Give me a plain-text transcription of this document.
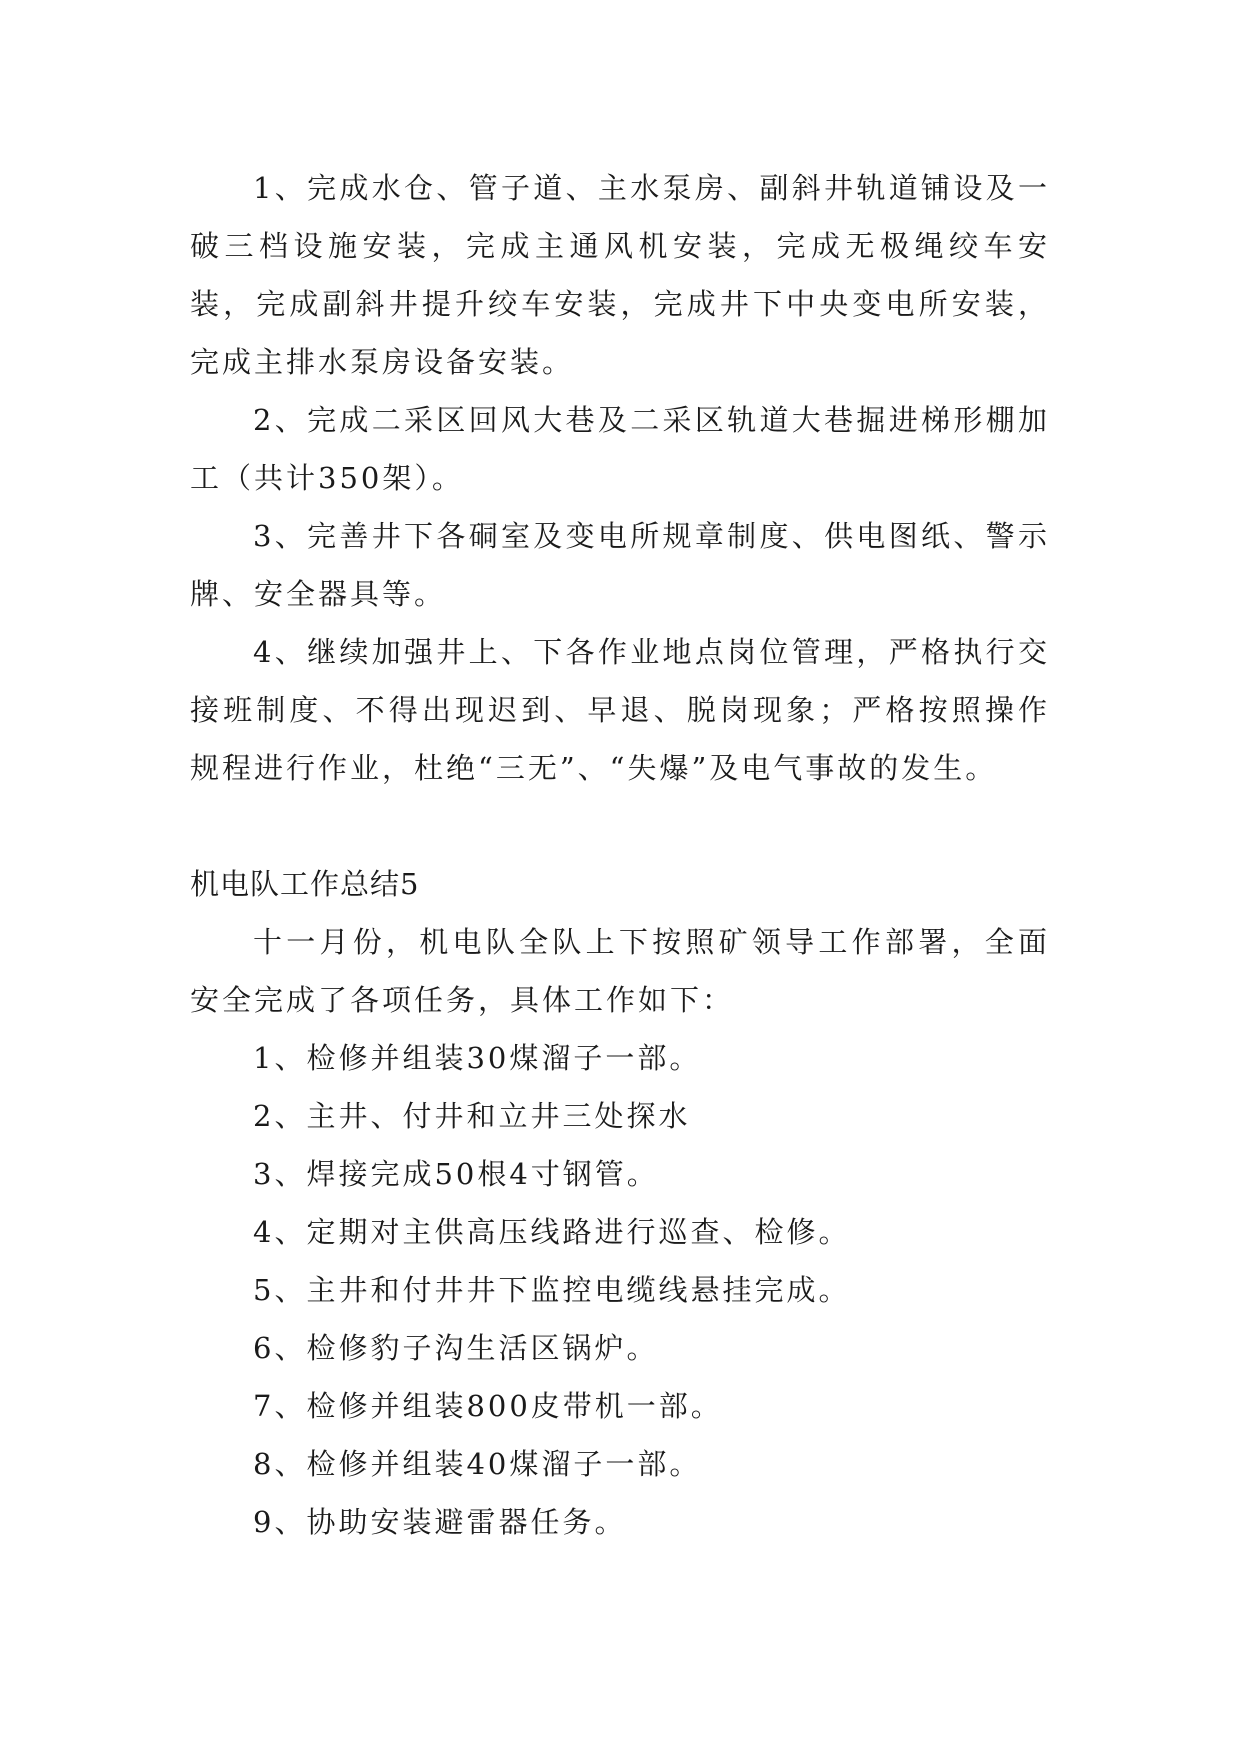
1、完成水仓、管子道、主水泵房、副斜井轨道铺设及一破三档设施安装，完成主通风机安装，完成无极绳绞车安装，完成副斜井提升绞车安装，完成井下中央变电所安装，完成主排水泵房设备安装。

2、完成二采区回风大巷及二采区轨道大巷掘进梯形棚加工（共计350架）。

3、完善井下各硐室及变电所规章制度、供电图纸、警示牌、安全器具等。

4、继续加强井上、下各作业地点岗位管理，严格执行交接班制度、不得出现迟到、早退、脱岗现象；严格按照操作规程进行作业，杜绝“三无”、“失爆”及电气事故的发生。

机电队工作总结5

十一月份，机电队全队上下按照矿领导工作部署，全面安全完成了各项任务，具体工作如下：

1、检修并组装30煤溜子一部。

2、主井、付井和立井三处探水

3、焊接完成50根4寸钢管。

4、定期对主供高压线路进行巡查、检修。

5、主井和付井井下监控电缆线悬挂完成。

6、检修豹子沟生活区锅炉。

7、检修并组装800皮带机一部。

8、检修并组装40煤溜子一部。

9、协助安装避雷器任务。
